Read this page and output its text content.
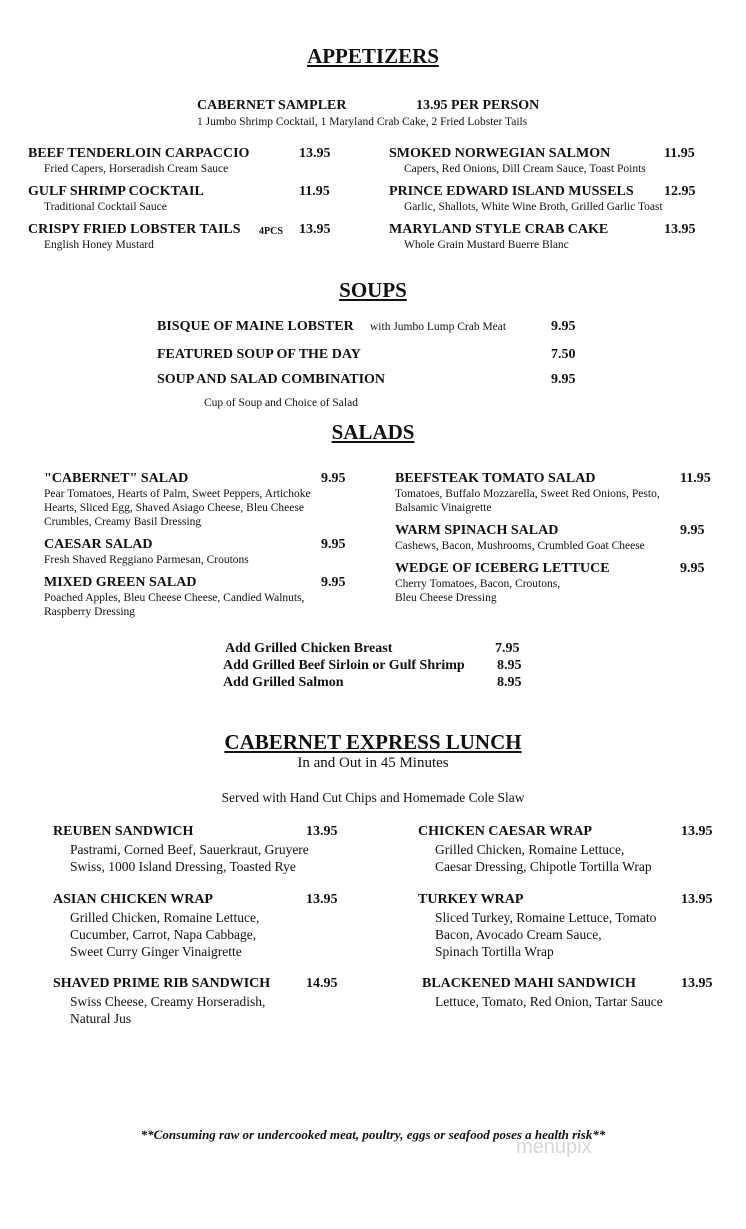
APPETIZERS
CABERNET SAMPLER	13.95 PER PERSON
1 Jumbo Shrimp Cocktail, 1 Maryland Crab Cake, 2 Fried Lobster Tails
BEEF TENDERLOIN CARPACCIO	13.95
Fried Capers, Horseradish Cream Sauce
GULF SHRIMP COCKTAIL	11.95
Traditional Cocktail Sauce
CRISPY FRIED LOBSTER TAILS 4PCS 13.95
English Honey Mustard
SMOKED NORWEGIAN SALMON	11.95
Capers, Red Onions, Dill Cream Sauce, Toast Points
PRINCE EDWARD ISLAND MUSSELS 12.95
Garlic, Shallots, White Wine Broth, Grilled Garlic Toast
MARYLAND STYLE CRAB CAKE	13.95
Whole Grain Mustard Buerre Blanc
SOUPS
BISQUE OF MAINE LOBSTER with Jumbo Lump Crab Meat	9.95
FEATURED SOUP OF THE DAY	7.50
SOUP AND SALAD COMBINATION	9.95
Cup of Soup and Choice of Salad
SALADS
"CABERNET" SALAD	9.95
Pear Tomatoes, Hearts of Palm, Sweet Peppers, Artichoke
Hearts, Sliced Egg, Shaved Asiago Cheese, Bleu Cheese
Crumbles, Creamy Basil Dressing
CAESAR SALAD	9.95
Fresh Shaved Reggiano Parmesan, Croutons
MIXED GREEN SALAD	9.95
Poached Apples, Bleu Cheese Cheese, Candied Walnuts,
Raspberry Dressing
BEEFSTEAK TOMATO SALAD	11.95
Tomatoes, Buffalo Mozzarella, Sweet Red Onions, Pesto,
Balsamic Vinaigrette
WARM SPINACH SALAD	9.95
Cashews, Bacon, Mushrooms, Crumbled Goat Cheese
WEDGE OF ICEBERG LETTUCE	9.95
Cherry Tomatoes, Bacon, Croutons,
Bleu Cheese Dressing
Add Grilled Chicken Breast	7.95
Add Grilled Beef Sirloin or Gulf Shrimp 8.95
Add Grilled Salmon	8.95
CABERNET EXPRESS LUNCH
In and Out in 45 Minutes
Served with Hand Cut Chips and Homemade Cole Slaw
REUBEN SANDWICH	13.95
Pastrami, Corned Beef, Sauerkraut, Gruyere
Swiss, 1000 Island Dressing, Toasted Rye
ASIAN CHICKEN WRAP	13.95
Grilled Chicken, Romaine Lettuce,
Cucumber, Carrot, Napa Cabbage,
Sweet Curry Ginger Vinaigrette
SHAVED PRIME RIB SANDWICH	14.95
Swiss Cheese, Creamy Horseradish,
Natural Jus
CHICKEN CAESAR WRAP	13.95
Grilled Chicken, Romaine Lettuce,
Caesar Dressing, Chipotle Tortilla Wrap
TURKEY WRAP	13.95
Sliced Turkey, Romaine Lettuce, Tomato
Bacon, Avocado Cream Sauce,
Spinach Tortilla Wrap
BLACKENED MAHI SANDWICH	13.95
Lettuce, Tomato, Red Onion, Tartar Sauce
**Consuming raw or undercooked meat, poultry, eggs or seafood poses a health risk**
menupix
